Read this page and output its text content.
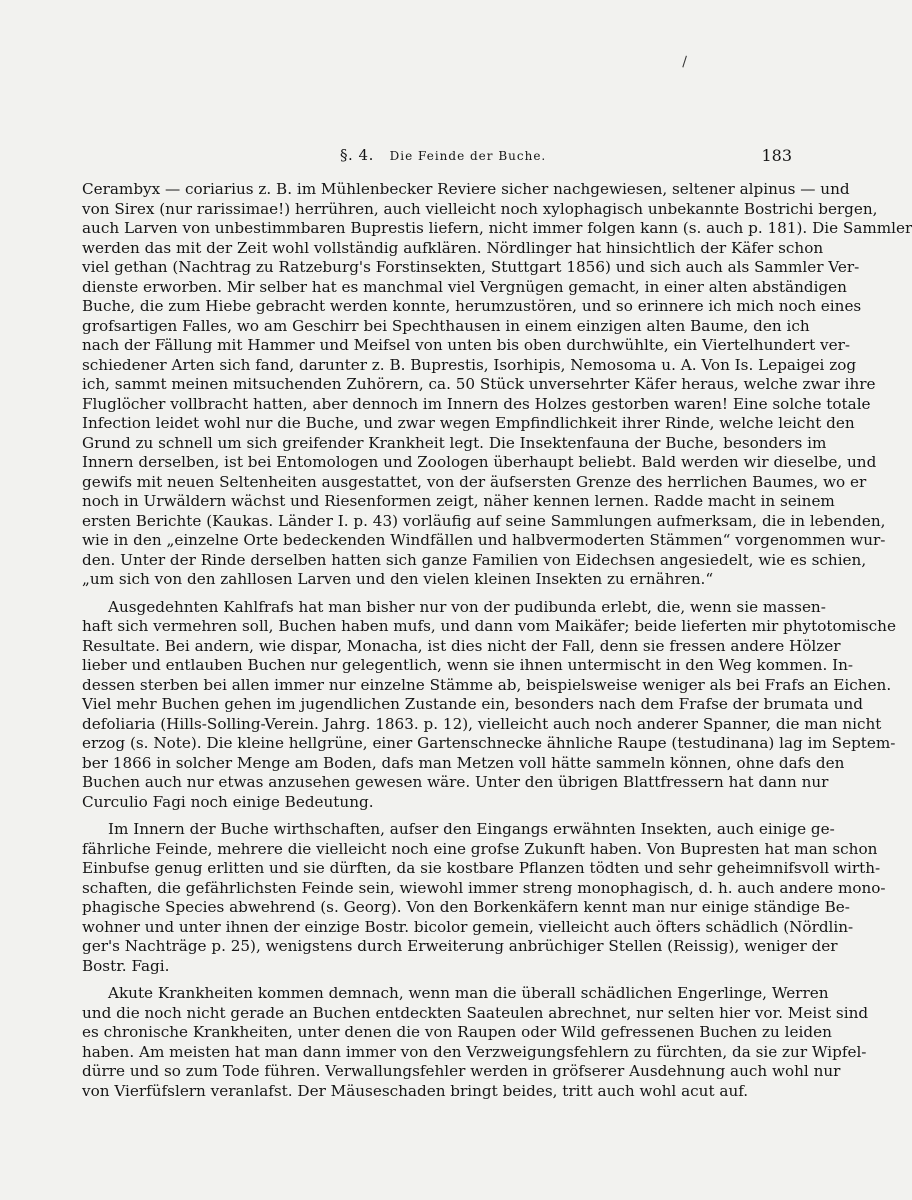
\
§. 4. Die Feinde der Buche.	183
Cerambyx — coriarius z. B. im Mühlenbecker Reviere sicher nachgewiesen, seltener alpinus — und
von Sirex (nur rarissimae!) herrühren, auch vielleicht noch xylophagisch unbekannte Bostrichi bergen,
auch Larven von unbestimmbaren Buprestis liefern, nicht immer folgen kann (s. auch p. 181). Die Sammler
werden das mit der Zeit wohl vollständig aufklären. Nördlinger hat hinsichtlich der Käfer schon
viel gethan (Nachtrag zu Ratzeburg's Forstinsekten, Stuttgart 1856) und sich auch als Sammler Ver-
dienste erworben. Mir selber hat es manchmal viel Vergnügen gemacht, in einer alten abständigen
Buche, die zum Hiebe gebracht werden konnte, herumzustören, und so erinnere ich mich noch eines
grofsartigen Falles, wo am Geschirr bei Spechthausen in einem einzigen alten Baume, den ich
nach der Fällung mit Hammer und Meifsel von unten bis oben durchwühlte, ein Viertelhundert ver-
schiedener Arten sich fand, darunter z. B. Buprestis, Isorhipis, Nemosoma u. A. Von Is. Lepaigei zog
ich, sammt meinen mitsuchenden Zuhörern, ca. 50 Stück unversehrter Käfer heraus, welche zwar ihre
Fluglöcher vollbracht hatten, aber dennoch im Innern des Holzes gestorben waren! Eine solche totale
Infection leidet wohl nur die Buche, und zwar wegen Empfindlichkeit ihrer Rinde, welche leicht den
Grund zu schnell um sich greifender Krankheit legt. Die Insektenfauna der Buche, besonders im
Innern derselben, ist bei Entomologen und Zoologen überhaupt beliebt. Bald werden wir dieselbe, und
gewifs mit neuen Seltenheiten ausgestattet, von der äufsersten Grenze des herrlichen Baumes, wo er
noch in Urwäldern wächst und Riesenformen zeigt, näher kennen lernen. Radde macht in seinem
ersten Berichte (Kaukas. Länder I. p. 43) vorläufig auf seine Sammlungen aufmerksam, die in lebenden,
wie in den „einzelne Orte bedeckenden Windfällen und halbvermoderten Stämmen“ vorgenommen wur-
den. Unter der Rinde derselben hatten sich ganze Familien von Eidechsen angesiedelt, wie es schien,
„um sich von den zahllosen Larven und den vielen kleinen Insekten zu ernähren.“
Ausgedehnten Kahlfrafs hat man bisher nur von der pudibunda erlebt, die, wenn sie massen-
haft sich vermehren soll, Buchen haben mufs, und dann vom Maikäfer; beide lieferten mir phytotomische
Resultate. Bei andern, wie dispar, Monacha, ist dies nicht der Fall, denn sie fressen andere Hölzer
lieber und entlauben Buchen nur gelegentlich, wenn sie ihnen untermischt in den Weg kommen. In-
dessen sterben bei allen immer nur einzelne Stämme ab, beispielsweise weniger als bei Frafs an Eichen.
Viel mehr Buchen gehen im jugendlichen Zustande ein, besonders nach dem Frafse der brumata und
defoliaria (Hills-Solling-Verein. Jahrg. 1863. p. 12), vielleicht auch noch anderer Spanner, die man nicht
erzog (s. Note). Die kleine hellgrüne, einer Gartenschnecke ähnliche Raupe (testudinana) lag im Septem-
ber 1866 in solcher Menge am Boden, dafs man Metzen voll hätte sammeln können, ohne dafs den
Buchen auch nur etwas anzusehen gewesen wäre. Unter den übrigen Blattfressern hat dann nur
Curculio Fagi noch einige Bedeutung.
Im Innern der Buche wirthschaften, aufser den Eingangs erwähnten Insekten, auch einige ge-
fährliche Feinde, mehrere die vielleicht noch eine grofse Zukunft haben. Von Bupresten hat man schon
Einbufse genug erlitten und sie dürften, da sie kostbare Pflanzen tödten und sehr geheimnifsvoll wirth-
schaften, die gefährlichsten Feinde sein, wiewohl immer streng monophagisch, d. h. auch andere mono-
phagische Species abwehrend (s. Georg). Von den Borkenkäfern kennt man nur einige ständige Be-
wohner und unter ihnen der einzige Bostr. bicolor gemein, vielleicht auch öfters schädlich (Nördlin-
ger's Nachträge p. 25), wenigstens durch Erweiterung anbrüchiger Stellen (Reissig), weniger der
Bostr. Fagi.
Akute Krankheiten kommen demnach, wenn man die überall schädlichen Engerlinge, Werren
und die noch nicht gerade an Buchen entdeckten Saateulen abrechnet, nur selten hier vor. Meist sind
es chronische Krankheiten, unter denen die von Raupen oder Wild gefressenen Buchen zu leiden
haben. Am meisten hat man dann immer von den Verzweigungsfehlern zu fürchten, da sie zur Wipfel-
dürre und so zum Tode führen. Verwallungsfehler werden in gröfserer Ausdehnung auch wohl nur
von Vierfüfslern veranlafst. Der Mäuseschaden bringt beides, tritt auch wohl acut auf.
